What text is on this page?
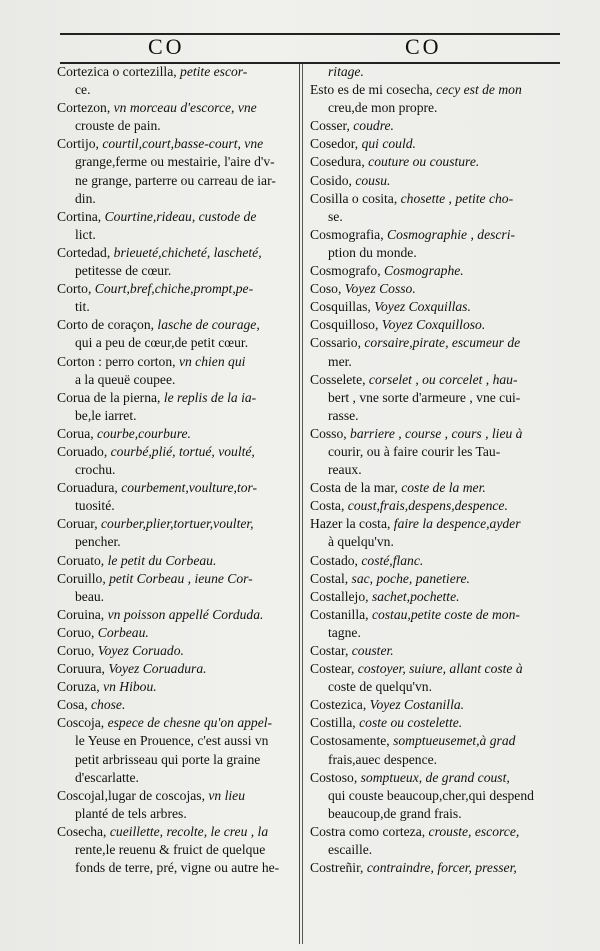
CO	CO
Cortezica o cortezilla, petite escor-
ce.
Cortezon, vn morceau d'escorce, vne
crouste de pain.
Cortijo, courtil,court,basse-court, vne
grange,ferme ou mestairie, l'aire d'v-
ne grange, parterre ou carreau de iar-
din.
Cortina, Courtine,rideau, custode de
lict.
Cortedad, brieueté,chicheté, lascheté,
petitesse de cœur.
Corto, Court,bref,chiche,prompt,pe-
tit.
Corto de coraçon, lasche de courage,
qui a peu de cœur,de petit cœur.
Corton : perro corton, vn chien qui
a la queuë coupee.
Corua de la pierna, le replis de la ia-
be,le iarret.
Corua, courbe,courbure.
Coruado, courbé,plié, tortué, voulté,
crochu.
Coruadura, courbement,voulture,tor-
tuosité.
Coruar, courber,plier,tortuer,voulter,
pencher.
Coruato, le petit du Corbeau.
Coruillo, petit Corbeau , ieune Cor-
beau.
Coruina, vn poisson appellé Corduda.
Coruo, Corbeau.
Coruo, Voyez Coruado.
Coruura, Voyez Coruadura.
Coruza, vn Hibou.
Cosa, chose.
Coscoja, espece de chesne qu'on appel-
le Yeuse en Prouence, c'est aussi vn
petit arbrisseau qui porte la graine
d'escarlatte.
Coscojal,lugar de coscojas, vn lieu
planté de tels arbres.
Cosecha, cueillette, recolte, le creu , la
rente,le reuenu & fruict de quelque
fonds de terre, pré, vigne ou autre he-
ritage.
Esto es de mi cosecha, cecy est de mon
creu,de mon propre.
Cosser, coudre.
Cosedor, qui could.
Cosedura, couture ou cousture.
Cosido, cousu.
Cosilla o cosita, chosette , petite cho-
se.
Cosmografia, Cosmographie , descri-
ption du monde.
Cosmografo, Cosmographe.
Coso, Voyez Cosso.
Cosquillas, Voyez Coxquillas.
Cosquilloso, Voyez Coxquilloso.
Cossario, corsaire,pirate, escumeur de
mer.
Cosselete, corselet , ou corcelet , hau-
bert , vne sorte d'armeure , vne cui-
rasse.
Cosso, barriere , course , cours , lieu à
courir, ou à faire courir les Tau-
reaux.
Costa de la mar, coste de la mer.
Costa, coust,frais,despens,despence.
Hazer la costa, faire la despence,ayder
à quelqu'vn.
Costado, costé,flanc.
Costal, sac, poche, panetiere.
Costallejo, sachet,pochette.
Costanilla, costau,petite coste de mon-
tagne.
Costar, couster.
Costear, costoyer, suiure, allant coste à
coste de quelqu'vn.
Costezica, Voyez Costanilla.
Costilla, coste ou costelette.
Costosamente, somptueusemet,à grad
frais,auec despence.
Costoso, somptueux, de grand coust,
qui couste beaucoup,cher,qui despend
beaucoup,de grand frais.
Costra como corteza, crouste, escorce,
escaille.
Costreñir, contraindre, forcer, presser,
